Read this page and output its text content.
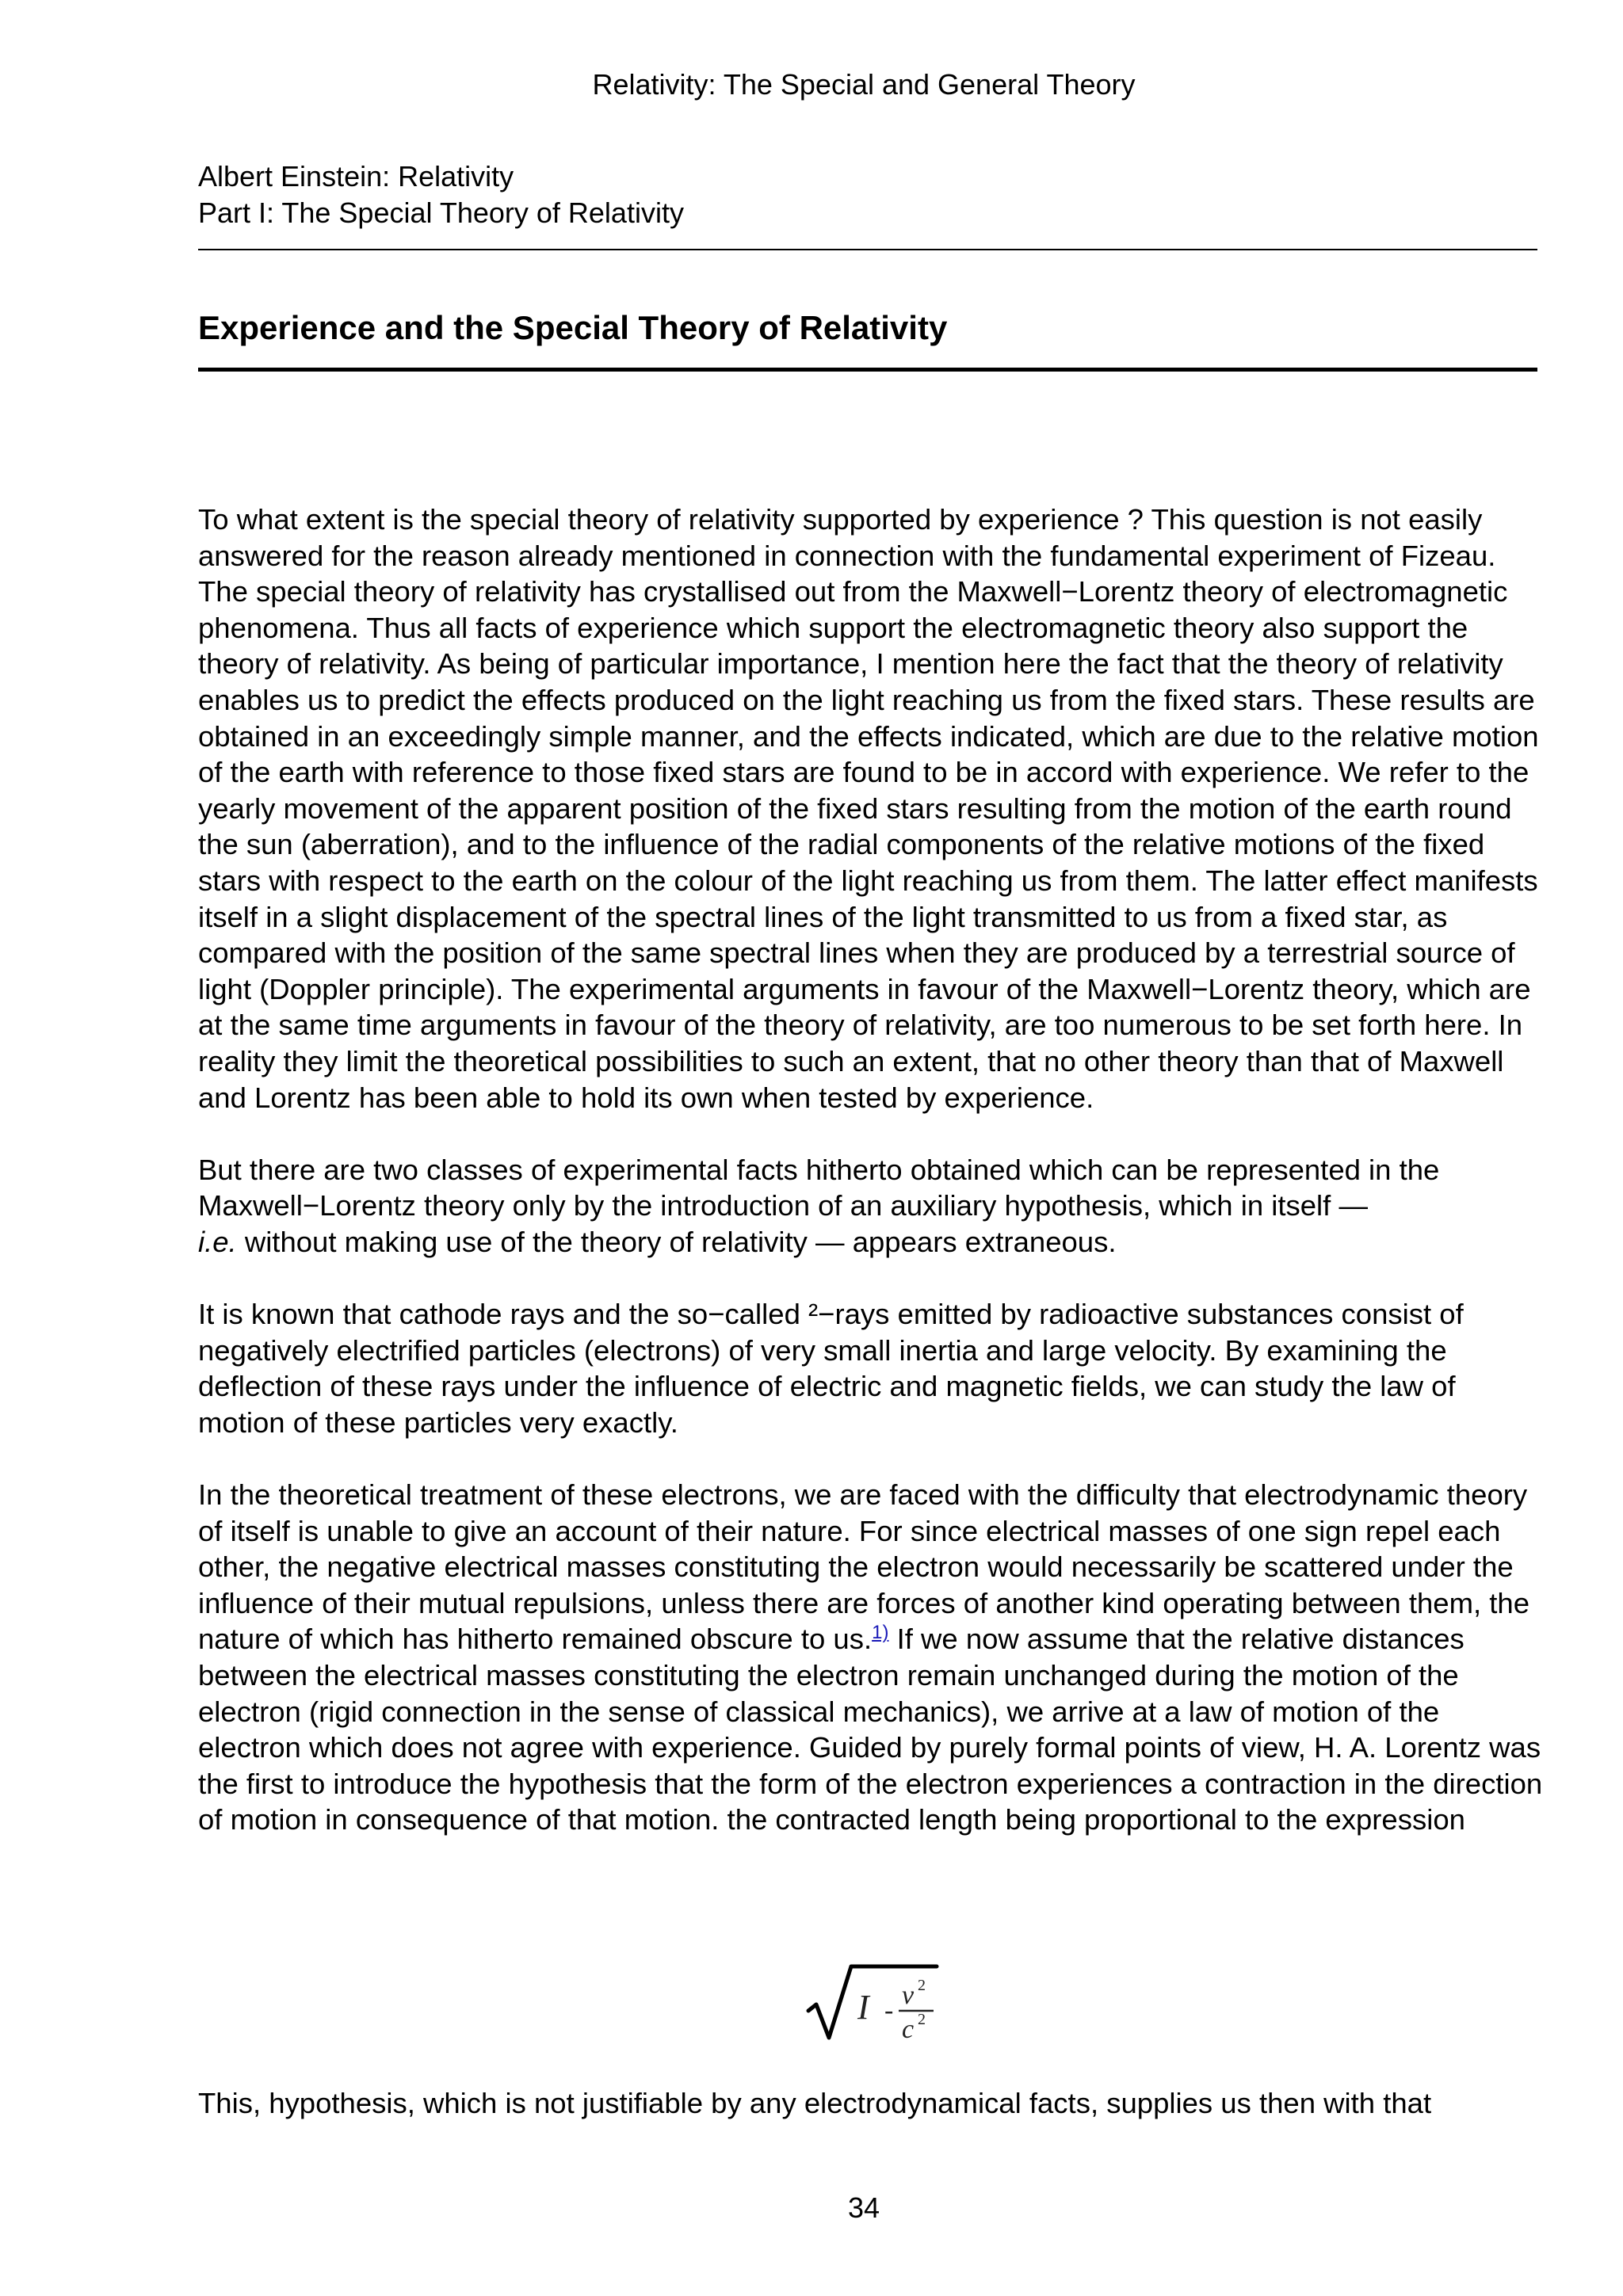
Relativity: The Special and General Theory
Albert Einstein: Relativity
Part I: The Special Theory of Relativity
Experience and the Special Theory of Relativity

To what extent is the special theory of relativity supported by experience ? This question is not easily answered for the reason already mentioned in connection with the fundamental experiment of Fizeau. The special theory of relativity has crystallised out from the Maxwell−Lorentz theory of electromagnetic phenomena. Thus all facts of experience which support the electromagnetic theory also support the theory of relativity. As being of particular importance, I mention here the fact that the theory of relativity enables us to predict the effects produced on the light reaching us from the fixed stars. These results are obtained in an exceedingly simple manner, and the effects indicated, which are due to the relative motion of the earth with reference to those fixed stars are found to be in accord with experience. We refer to the yearly movement of the apparent position of the fixed stars resulting from the motion of the earth round the sun (aberration), and to the influence of the radial components of the relative motions of the fixed stars with respect to the earth on the colour of the light reaching us from them. The latter effect manifests itself in a slight displacement of the spectral lines of the light transmitted to us from a fixed star, as compared with the position of the same spectral lines when they are produced by a terrestrial source of light (Doppler principle). The experimental arguments in favour of the Maxwell−Lorentz theory, which are at the same time arguments in favour of the theory of relativity, are too numerous to be set forth here. In reality they limit the theoretical possibilities to such an extent, that no other theory than that of Maxwell and Lorentz has been able to hold its own when tested by experience.

But there are two classes of experimental facts hitherto obtained which can be represented in the Maxwell−Lorentz theory only by the introduction of an auxiliary hypothesis, which in itself —
i.e. without making use of the theory of relativity — appears extraneous.

It is known that cathode rays and the so−called ²−rays emitted by radioactive substances consist of negatively electrified particles (electrons) of very small inertia and large velocity. By examining the deflection of these rays under the influence of electric and magnetic fields, we can study the law of motion of these particles very exactly.

In the theoretical treatment of these electrons, we are faced with the difficulty that electrodynamic theory of itself is unable to give an account of their nature. For since electrical masses of one sign repel each other, the negative electrical masses constituting the electron would necessarily be scattered under the influence of their mutual repulsions, unless there are forces of another kind operating between them, the nature of which has hitherto remained obscure to us.$^{1)}$ If we now assume that the relative distances between the electrical masses constituting the electron remain unchanged during the motion of the electron (rigid connection in the sense of classical mechanics), we arrive at a law of motion of the electron which does not agree with experience. Guided by purely formal points of view, H. A. Lorentz was the first to introduce the hypothesis that the form of the electron experiences a contraction in the direction of motion in consequence of that motion. the contracted length being proportional to the expression

I -
v 2
c 2
This, hypothesis, which is not justifiable by any electrodynamical facts, supplies us then with that
34
